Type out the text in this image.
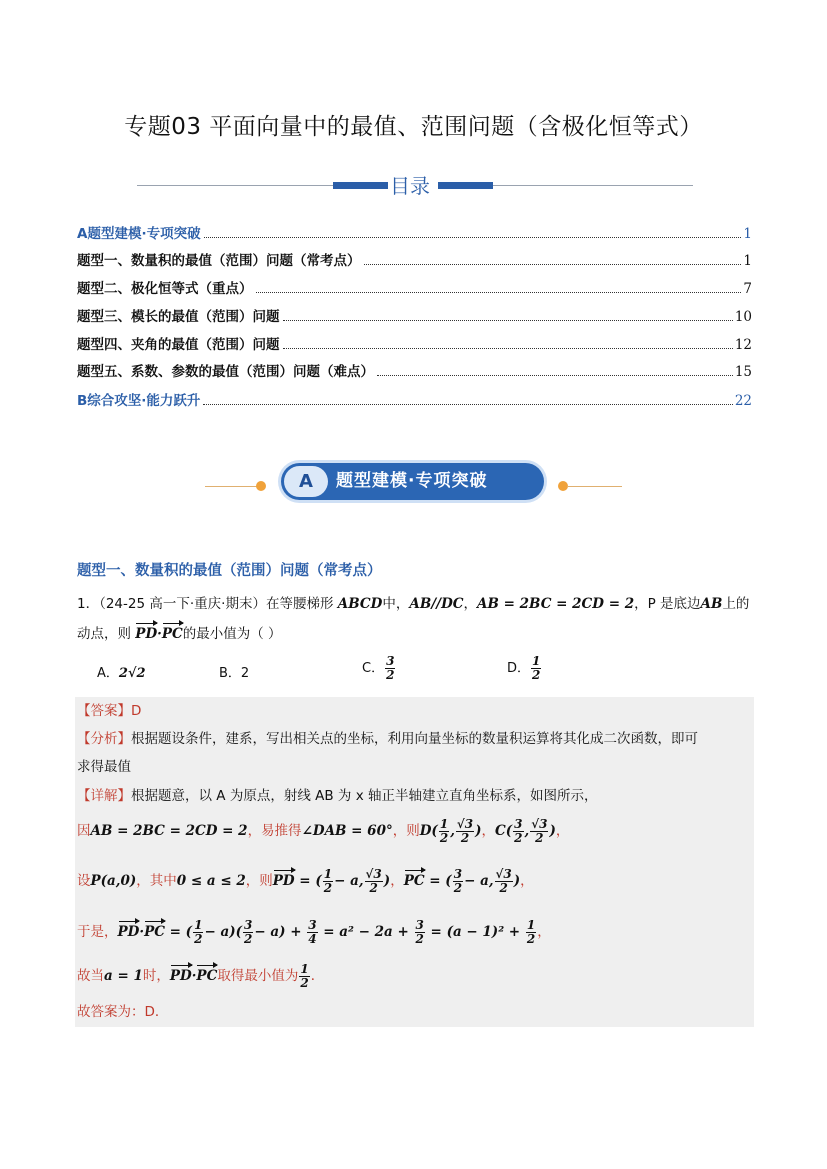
专题03 平面向量中的最值、范围问题（含极化恒等式）
目录
A题型建模·专项突破	1
题型一、数量积的最值（范围）问题（常考点）	1
题型二、极化恒等式（重点）	7
题型三、模长的最值（范围）问题	10
题型四、夹角的最值（范围）问题	12
题型五、系数、参数的最值（范围）问题（难点）	15
B综合攻坚·能力跃升	22
A	题型建模·专项突破
题型一、数量积的最值（范围）问题（常考点）
1．（24-25 高一下·重庆·期末）在等腰梯形 ABCD中，AB//DC，AB = 2BC = 2CD = 2，P 是底边AB上的
动点，则 PD·PC的最小值为（ ）
A．2√2	B．2	C． $\frac{3}{2}$	D． $\frac{1}{2}$
【答案】D
【分析】根据题设条件，建系，写出相关点的坐标，利用向量坐标的数量积运算将其化成二次函数，即可
求得最值
【详解】根据题意，以 A 为原点，射线 AB 为 x 轴正半轴建立直角坐标系，如图所示，
因AB = 2BC = 2CD = 2，易推得∠DAB = 60°，则$D( \frac{1}{2}$ , $\frac{√3}{2}$ )，$C( \frac{3}{2}$ , $\frac{√3}{2}$ )，
设P(a,0)，其中0 ≤ a ≤ 2，则PD = ( $\frac{1}{2} - a$, $\frac{√3}{2}$ )，PC = ( $\frac{3}{2} - a$, $\frac{√3}{2}$ )，
于是，PD·PC = ( $\frac{1}{2} - a)( \frac{3}{2} - a) + \frac{3}{4} = a^2 - 2a + \frac{3}{2} = (a - 1)^2 + \frac{1}{2}$ ，
故当a = 1时，PD·PC取得最小值为 $\frac{1}{2}$ ．
故答案为：D．
